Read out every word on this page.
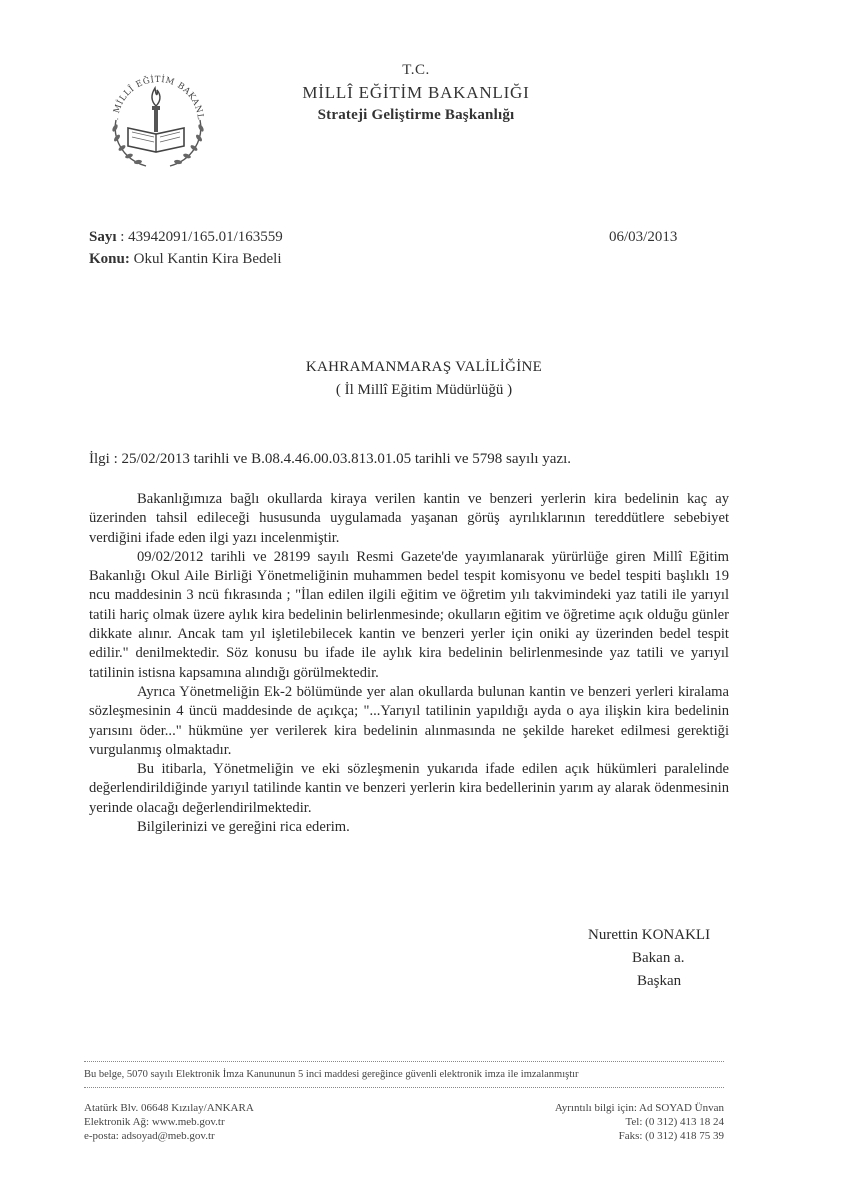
. MİLLÎ EĞİTİM BAKANL
T.C.
MİLLÎ EĞİTİM BAKANLIĞI
Strateji Geliştirme Başkanlığı
Sayı : 43942091/165.01/163559
Konu: Okul Kantin Kira Bedeli
06/03/2013
KAHRAMANMARAŞ VALİLİĞİNE
( İl Millî Eğitim Müdürlüğü )
İlgi : 25/02/2013 tarihli ve B.08.4.46.00.03.813.01.05 tarihli ve 5798 sayılı yazı.

Bakanlığımıza bağlı okullarda kiraya verilen kantin ve benzeri yerlerin kira bedelinin kaç ay üzerinden tahsil edileceği hususunda uygulamada yaşanan görüş ayrılıklarının tereddütlere sebebiyet verdiğini ifade eden ilgi yazı incelenmiştir.

09/02/2012 tarihli ve 28199 sayılı Resmi Gazete'de yayımlanarak yürürlüğe giren Millî Eğitim Bakanlığı Okul Aile Birliği Yönetmeliğinin muhammen bedel tespit komisyonu ve bedel tespiti başlıklı 19 ncu maddesinin 3 ncü fıkrasında ; "İlan edilen ilgili eğitim ve öğretim yılı takvimindeki yaz tatili ile yarıyıl tatili hariç olmak üzere aylık kira bedelinin belirlenmesinde; okulların eğitim ve öğretime açık olduğu günler dikkate alınır. Ancak tam yıl işletilebilecek kantin ve benzeri yerler için oniki ay üzerinden bedel tespit edilir." denilmektedir. Söz konusu bu ifade ile aylık kira bedelinin belirlenmesinde yaz tatili ve yarıyıl tatilinin istisna kapsamına alındığı görülmektedir.

Ayrıca Yönetmeliğin Ek-2 bölümünde yer alan okullarda bulunan kantin ve benzeri yerleri kiralama sözleşmesinin 4 üncü maddesinde de açıkça; "...Yarıyıl tatilinin yapıldığı ayda o aya ilişkin kira bedelinin yarısını öder..." hükmüne yer verilerek kira bedelinin alınmasında ne şekilde hareket edilmesi gerektiği vurgulanmış olmaktadır.

Bu itibarla, Yönetmeliğin ve eki sözleşmenin yukarıda ifade edilen açık hükümleri paralelinde değerlendirildiğinde yarıyıl tatilinde kantin ve benzeri yerlerin kira bedellerinin yarım ay alarak ödenmesinin yerinde olacağı değerlendirilmektedir.

Bilgilerinizi ve gereğini rica ederim.

Nurettin KONAKLI
Bakan a.
Başkan
Bu belge, 5070 sayılı Elektronik İmza Kanununun 5 inci maddesi gereğince güvenli elektronik imza ile imzalanmıştır
Atatürk Blv. 06648 Kızılay/ANKARA
Elektronik Ağ: www.meb.gov.tr
e-posta: adsoyad@meb.gov.tr
Ayrıntılı bilgi için: Ad SOYAD Ünvan
Tel: (0 312) 413 18 24
Faks: (0 312) 418 75 39
